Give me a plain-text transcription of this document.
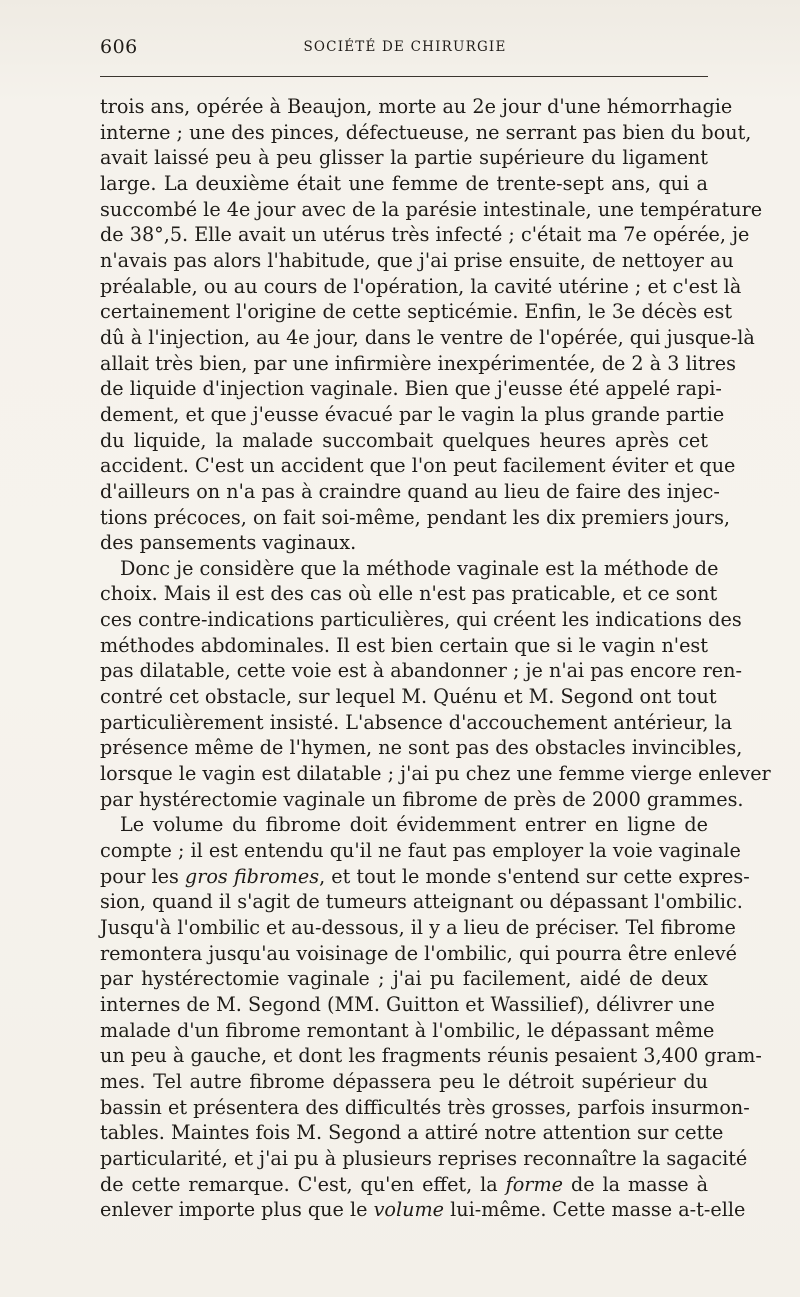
606	SOCIÉTÉ DE CHIRURGIE
trois ans, opérée à Beaujon, morte au 2e jour d'une hémorrhagie
interne ; une des pinces, défectueuse, ne serrant pas bien du bout,
avait laissé peu à peu glisser la partie supérieure du ligament
large. La deuxième était une femme de trente-sept ans, qui a
succombé le 4e jour avec de la parésie intestinale, une température
de 38°,5. Elle avait un utérus très infecté ; c'était ma 7e opérée, je
n'avais pas alors l'habitude, que j'ai prise ensuite, de nettoyer au
préalable, ou au cours de l'opération, la cavité utérine ; et c'est là
certainement l'origine de cette septicémie. Enfin, le 3e décès est
dû à l'injection, au 4e jour, dans le ventre de l'opérée, qui jusque-là
allait très bien, par une infirmière inexpérimentée, de 2 à 3 litres
de liquide d'injection vaginale. Bien que j'eusse été appelé rapi-
dement, et que j'eusse évacué par le vagin la plus grande partie
du liquide, la malade succombait quelques heures après cet
accident. C'est un accident que l'on peut facilement éviter et que
d'ailleurs on n'a pas à craindre quand au lieu de faire des injec-
tions précoces, on fait soi-même, pendant les dix premiers jours,
des pansements vaginaux.
Donc je considère que la méthode vaginale est la méthode de
choix. Mais il est des cas où elle n'est pas praticable, et ce sont
ces contre-indications particulières, qui créent les indications des
méthodes abdominales. Il est bien certain que si le vagin n'est
pas dilatable, cette voie est à abandonner ; je n'ai pas encore ren-
contré cet obstacle, sur lequel M. Quénu et M. Segond ont tout
particulièrement insisté. L'absence d'accouchement antérieur, la
présence même de l'hymen, ne sont pas des obstacles invincibles,
lorsque le vagin est dilatable ; j'ai pu chez une femme vierge enlever
par hystérectomie vaginale un fibrome de près de 2000 grammes.
Le volume du fibrome doit évidemment entrer en ligne de
compte ; il est entendu qu'il ne faut pas employer la voie vaginale
pour les gros fibromes, et tout le monde s'entend sur cette expres-
sion, quand il s'agit de tumeurs atteignant ou dépassant l'ombilic.
Jusqu'à l'ombilic et au-dessous, il y a lieu de préciser. Tel fibrome
remontera jusqu'au voisinage de l'ombilic, qui pourra être enlevé
par hystérectomie vaginale ; j'ai pu facilement, aidé de deux
internes de M. Segond (MM. Guitton et Wassilief), délivrer une
malade d'un fibrome remontant à l'ombilic, le dépassant même
un peu à gauche, et dont les fragments réunis pesaient 3,400 gram-
mes. Tel autre fibrome dépassera peu le détroit supérieur du
bassin et présentera des difficultés très grosses, parfois insurmon-
tables. Maintes fois M. Segond a attiré notre attention sur cette
particularité, et j'ai pu à plusieurs reprises reconnaître la sagacité
de cette remarque. C'est, qu'en effet, la forme de la masse à
enlever importe plus que le volume lui-même. Cette masse a-t-elle
